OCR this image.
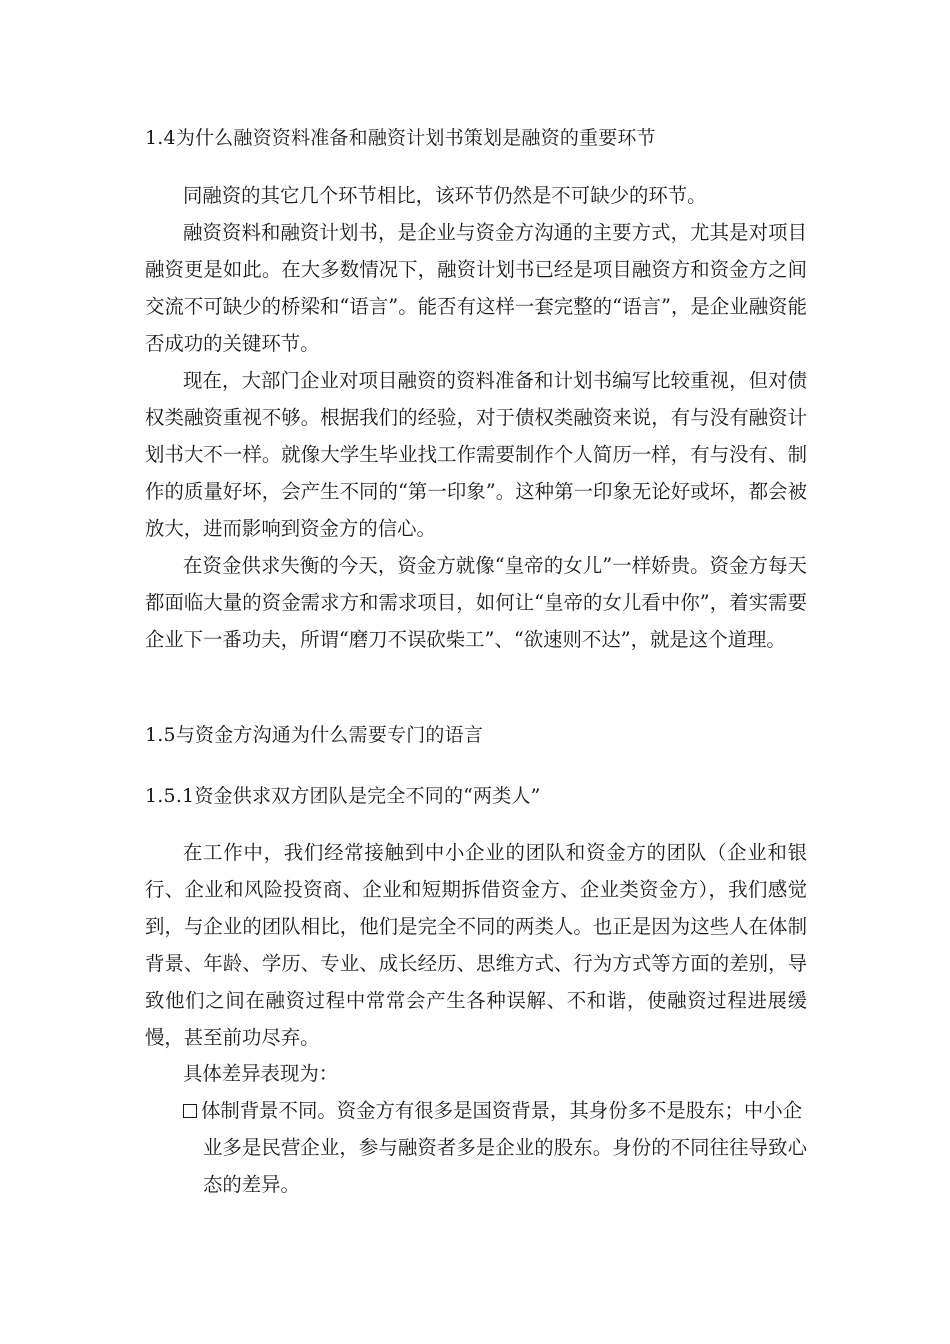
1.4为什么融资资料准备和融资计划书策划是融资的重要环节
同融资的其它几个环节相比，该环节仍然是不可缺少的环节。
融资资料和融资计划书，是企业与资金方沟通的主要方式，尤其是对项目融资更是如此。在大多数情况下，融资计划书已经是项目融资方和资金方之间交流不可缺少的桥梁和“语言”。能否有这样一套完整的“语言”，是企业融资能否成功的关键环节。
现在，大部门企业对项目融资的资料准备和计划书编写比较重视，但对债权类融资重视不够。根据我们的经验，对于债权类融资来说，有与没有融资计划书大不一样。就像大学生毕业找工作需要制作个人简历一样，有与没有、制作的质量好坏，会产生不同的“第一印象”。这种第一印象无论好或坏，都会被放大，进而影响到资金方的信心。
在资金供求失衡的今天，资金方就像“皇帝的女儿”一样娇贵。资金方每天都面临大量的资金需求方和需求项目，如何让“皇帝的女儿看中你”，着实需要企业下一番功夫，所谓“磨刀不误砍柴工”、“欲速则不达”，就是这个道理。
1.5与资金方沟通为什么需要专门的语言
1.5.1资金供求双方团队是完全不同的“两类人”
在工作中，我们经常接触到中小企业的团队和资金方的团队（企业和银行、企业和风险投资商、企业和短期拆借资金方、企业类资金方），我们感觉到，与企业的团队相比，他们是完全不同的两类人。也正是因为这些人在体制背景、年龄、学历、专业、成长经历、思维方式、行为方式等方面的差别，导致他们之间在融资过程中常常会产生各种误解、不和谐，使融资过程进展缓慢，甚至前功尽弃。
具体差异表现为：
体制背景不同。资金方有很多是国资背景，其身份多不是股东；中小企
业多是民营企业，参与融资者多是企业的股东。身份的不同往往导致心态的差异。
